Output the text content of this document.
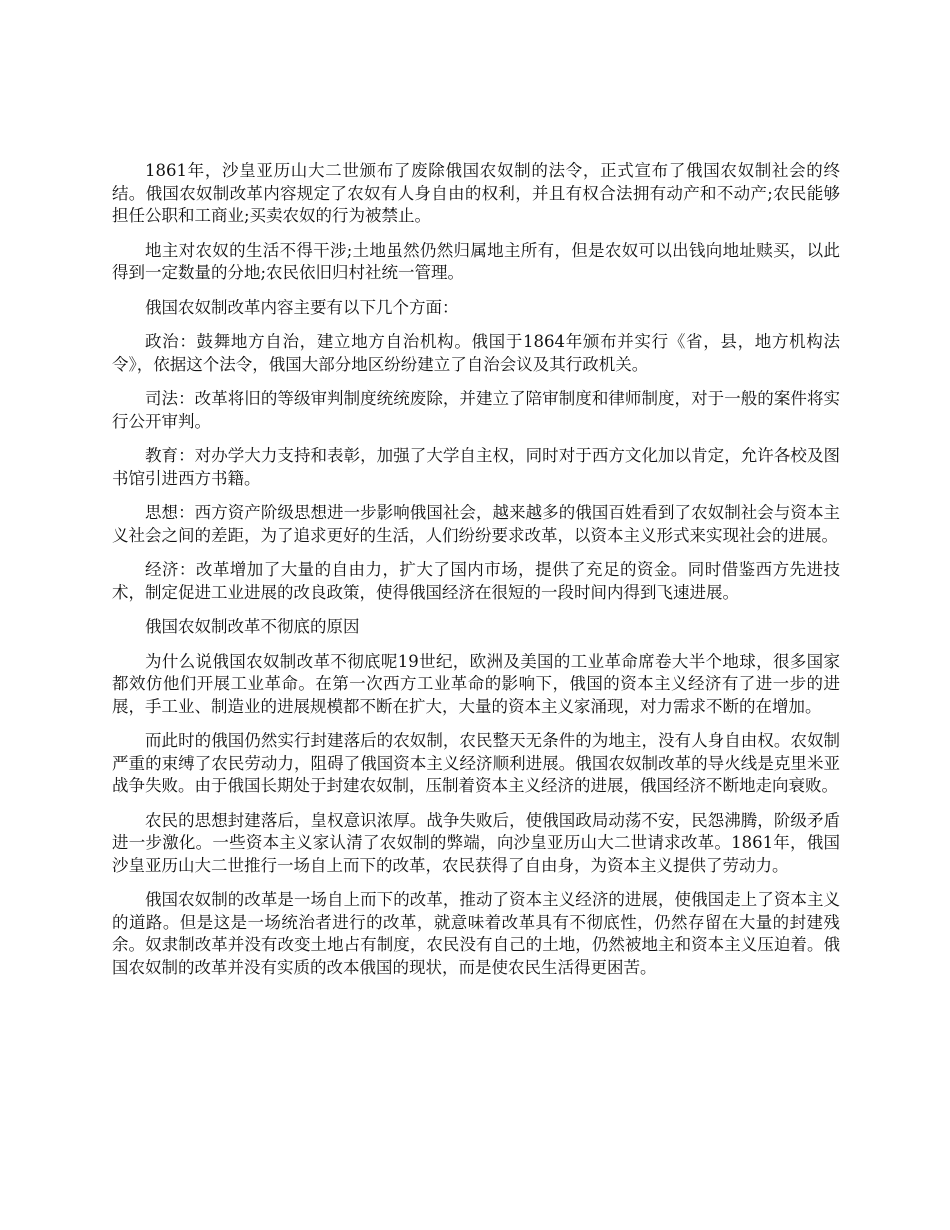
1861年，沙皇亚历山大二世颁布了废除俄国农奴制的法令，正式宣布了俄国农奴制社会的终结。俄国农奴制改革内容规定了农奴有人身自由的权利，并且有权合法拥有动产和不动产;农民能够担任公职和工商业;买卖农奴的行为被禁止。

地主对农奴的生活不得干涉;土地虽然仍然归属地主所有，但是农奴可以出钱向地址赎买，以此得到一定数量的分地;农民依旧归村社统一管理。

俄国农奴制改革内容主要有以下几个方面：

政治：鼓舞地方自治，建立地方自治机构。俄国于1864年颁布并实行《省，县，地方机构法令》，依据这个法令，俄国大部分地区纷纷建立了自治会议及其行政机关。

司法：改革将旧的等级审判制度统统废除，并建立了陪审制度和律师制度，对于一般的案件将实行公开审判。

教育：对办学大力支持和表彰，加强了大学自主权，同时对于西方文化加以肯定，允许各校及图书馆引进西方书籍。

思想：西方资产阶级思想进一步影响俄国社会，越来越多的俄国百姓看到了农奴制社会与资本主义社会之间的差距，为了追求更好的生活，人们纷纷要求改革，以资本主义形式来实现社会的进展。

经济：改革增加了大量的自由力，扩大了国内市场，提供了充足的资金。同时借鉴西方先进技术，制定促进工业进展的改良政策，使得俄国经济在很短的一段时间内得到飞速进展。

俄国农奴制改革不彻底的原因

为什么说俄国农奴制改革不彻底呢19世纪，欧洲及美国的工业革命席卷大半个地球，很多国家都效仿他们开展工业革命。在第一次西方工业革命的影响下，俄国的资本主义经济有了进一步的进展，手工业、制造业的进展规模都不断在扩大，大量的资本主义家涌现，对力需求不断的在增加。

而此时的俄国仍然实行封建落后的农奴制，农民整天无条件的为地主，没有人身自由权。农奴制严重的束缚了农民劳动力，阻碍了俄国资本主义经济顺利进展。俄国农奴制改革的导火线是克里米亚战争失败。由于俄国长期处于封建农奴制，压制着资本主义经济的进展，俄国经济不断地走向衰败。

农民的思想封建落后，皇权意识浓厚。战争失败后，使俄国政局动荡不安，民怨沸腾，阶级矛盾进一步激化。一些资本主义家认清了农奴制的弊端，向沙皇亚历山大二世请求改革。1861年，俄国沙皇亚历山大二世推行一场自上而下的改革，农民获得了自由身，为资本主义提供了劳动力。

俄国农奴制的改革是一场自上而下的改革，推动了资本主义经济的进展，使俄国走上了资本主义的道路。但是这是一场统治者进行的改革，就意味着改革具有不彻底性，仍然存留在大量的封建残余。奴隶制改革并没有改变土地占有制度，农民没有自己的土地，仍然被地主和资本主义压迫着。俄国农奴制的改革并没有实质的改本俄国的现状，而是使农民生活得更困苦。
